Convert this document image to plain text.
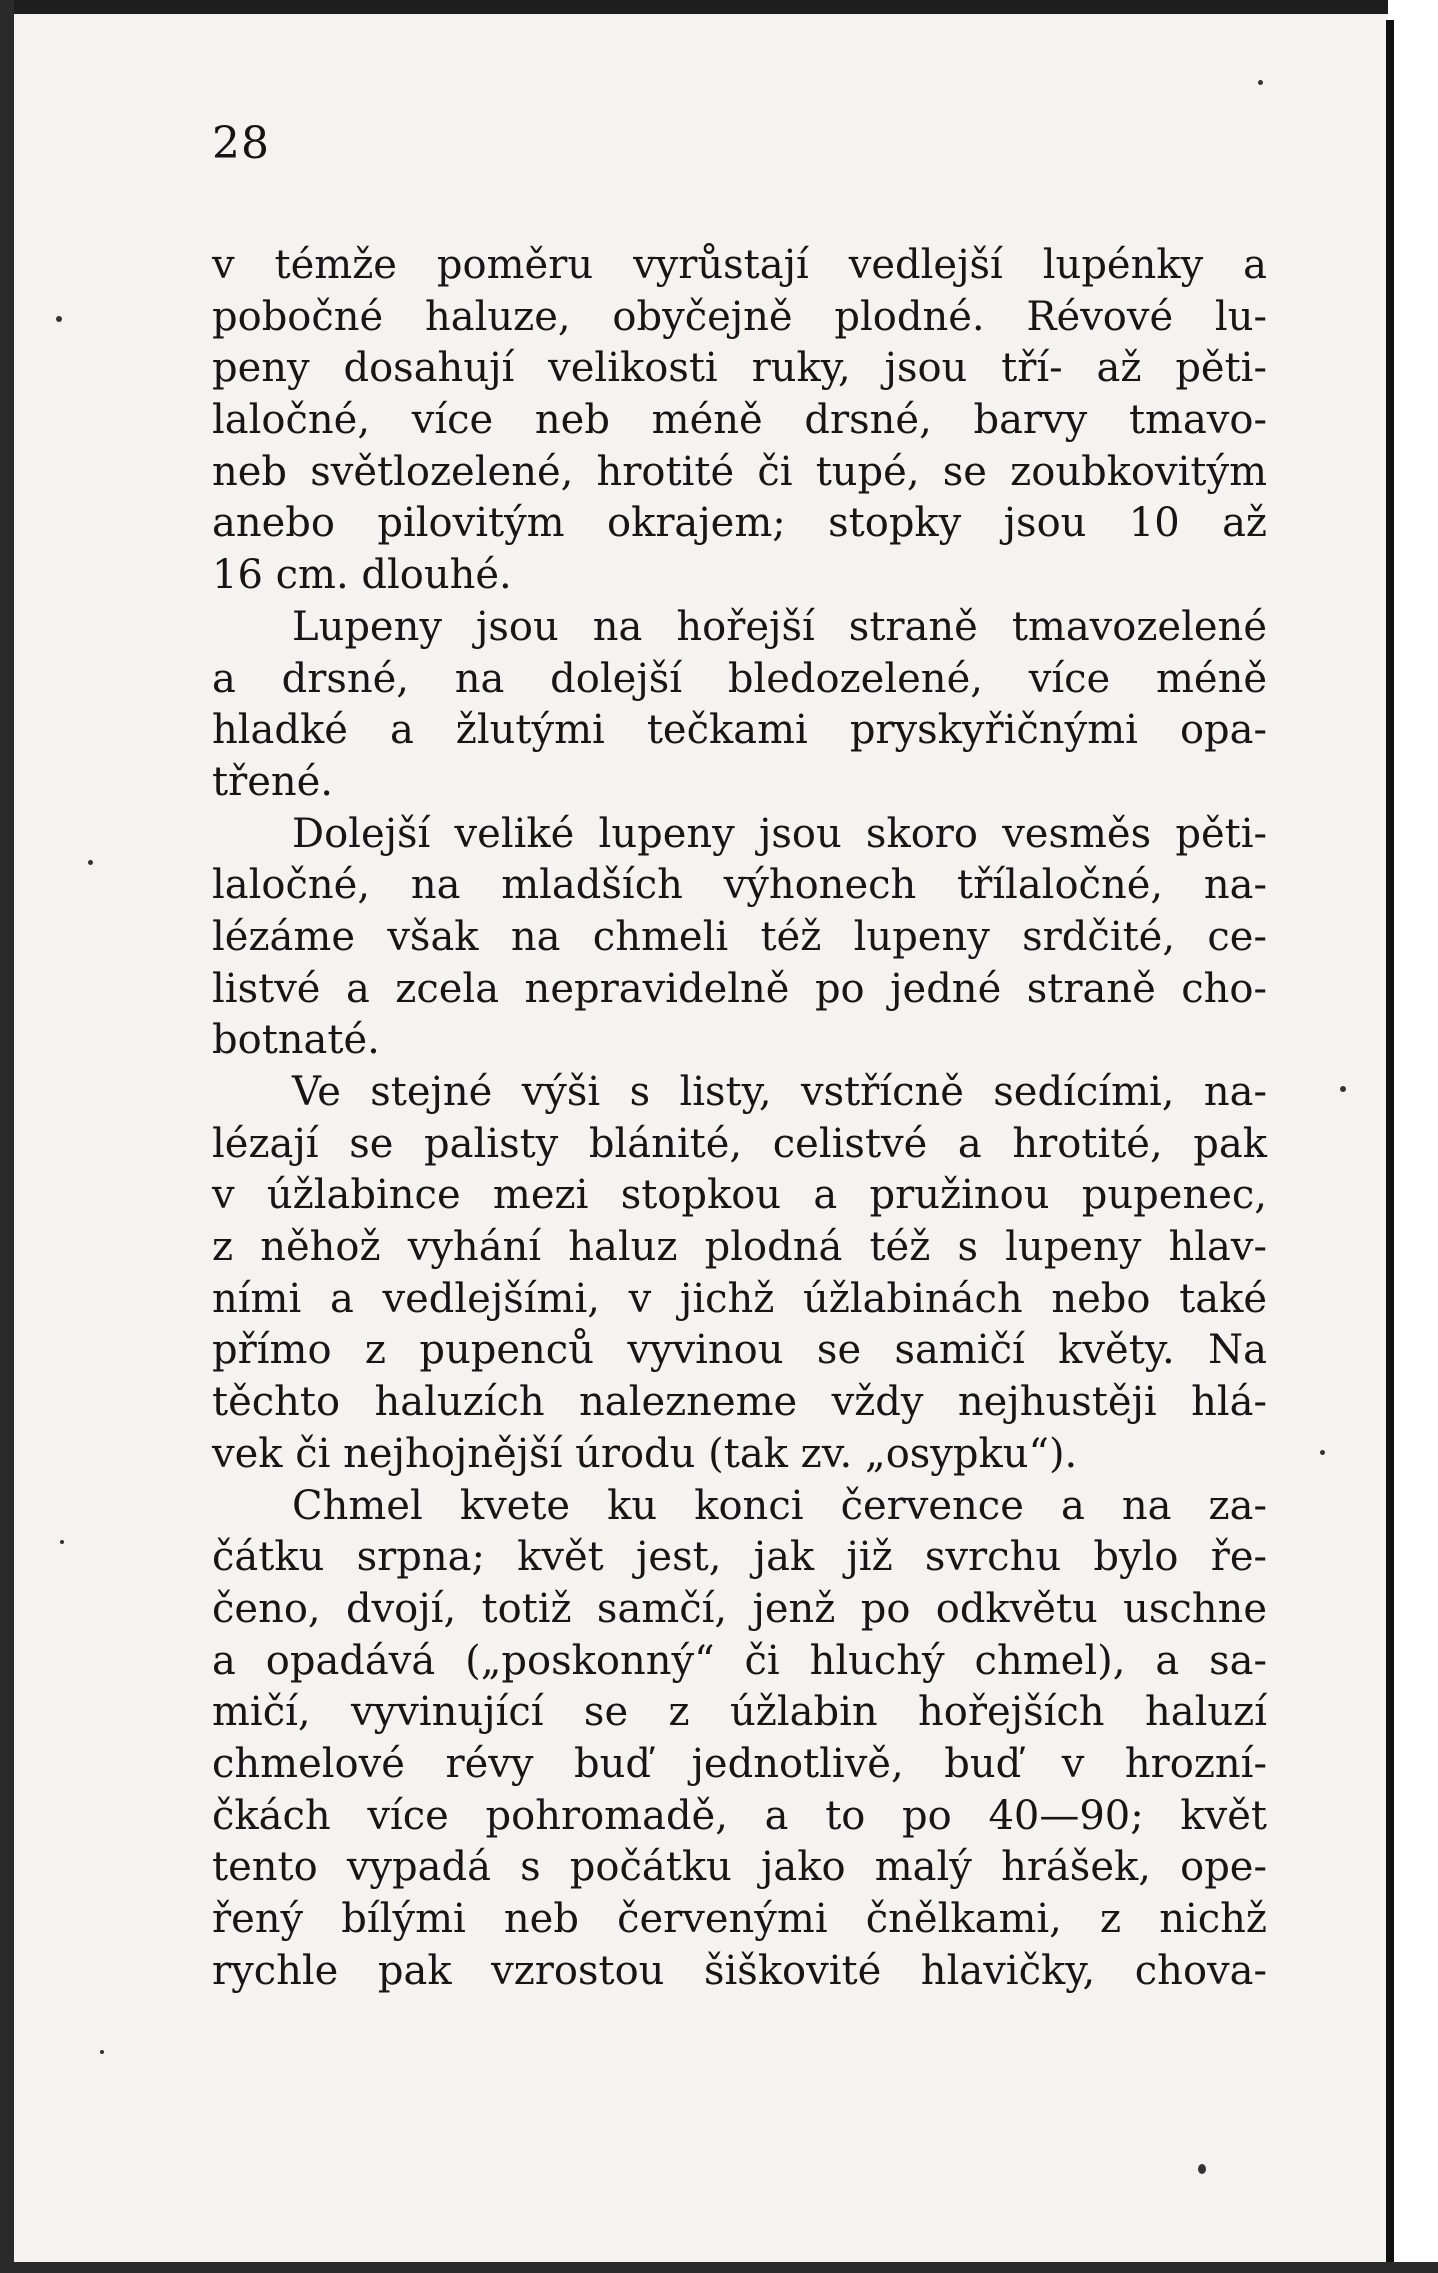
28
v témže poměru vyrůstají vedlejší lupénky a
pobočné haluze, obyčejně plodné. Révové lu-
peny dosahují velikosti ruky, jsou tří- až pěti-
laločné, více neb méně drsné, barvy tmavo-
neb světlozelené, hrotité či tupé, se zoubkovitým
anebo pilovitým okrajem; stopky jsou 10 až
16 cm. dlouhé.
Lupeny jsou na hořejší straně tmavozelené
a drsné, na dolejší bledozelené, více méně
hladké a žlutými tečkami pryskyřičnými opa-
třené.
Dolejší veliké lupeny jsou skoro vesměs pěti-
laločné, na mladších výhonech třílaločné, na-
lézáme však na chmeli též lupeny srdčité, ce-
listvé a zcela nepravidelně po jedné straně cho-
botnaté.
Ve stejné výši s listy, vstřícně sedícími, na-
lézají se palisty blánité, celistvé a hrotité, pak
v úžlabince mezi stopkou a pružinou pupenec,
z něhož vyhání haluz plodná též s lupeny hlav-
ními a vedlejšími, v jichž úžlabinách nebo také
přímo z pupenců vyvinou se samičí květy. Na
těchto haluzích nalezneme vždy nejhustěji hlá-
vek či nejhojnější úrodu (tak zv. „osypku“).
Chmel kvete ku konci července a na za-
čátku srpna; květ jest, jak již svrchu bylo ře-
čeno, dvojí, totiž samčí, jenž po odkvětu uschne
a opadává („poskonný“ či hluchý chmel), a sa-
mičí, vyvinující se z úžlabin hořejších haluzí
chmelové révy buď jednotlivě, buď v hrozní-
čkách více pohromadě, a to po 40—90; květ
tento vypadá s počátku jako malý hrášek, ope-
řený bílými neb červenými čnělkami, z nichž
rychle pak vzrostou šiškovité hlavičky, chova-
